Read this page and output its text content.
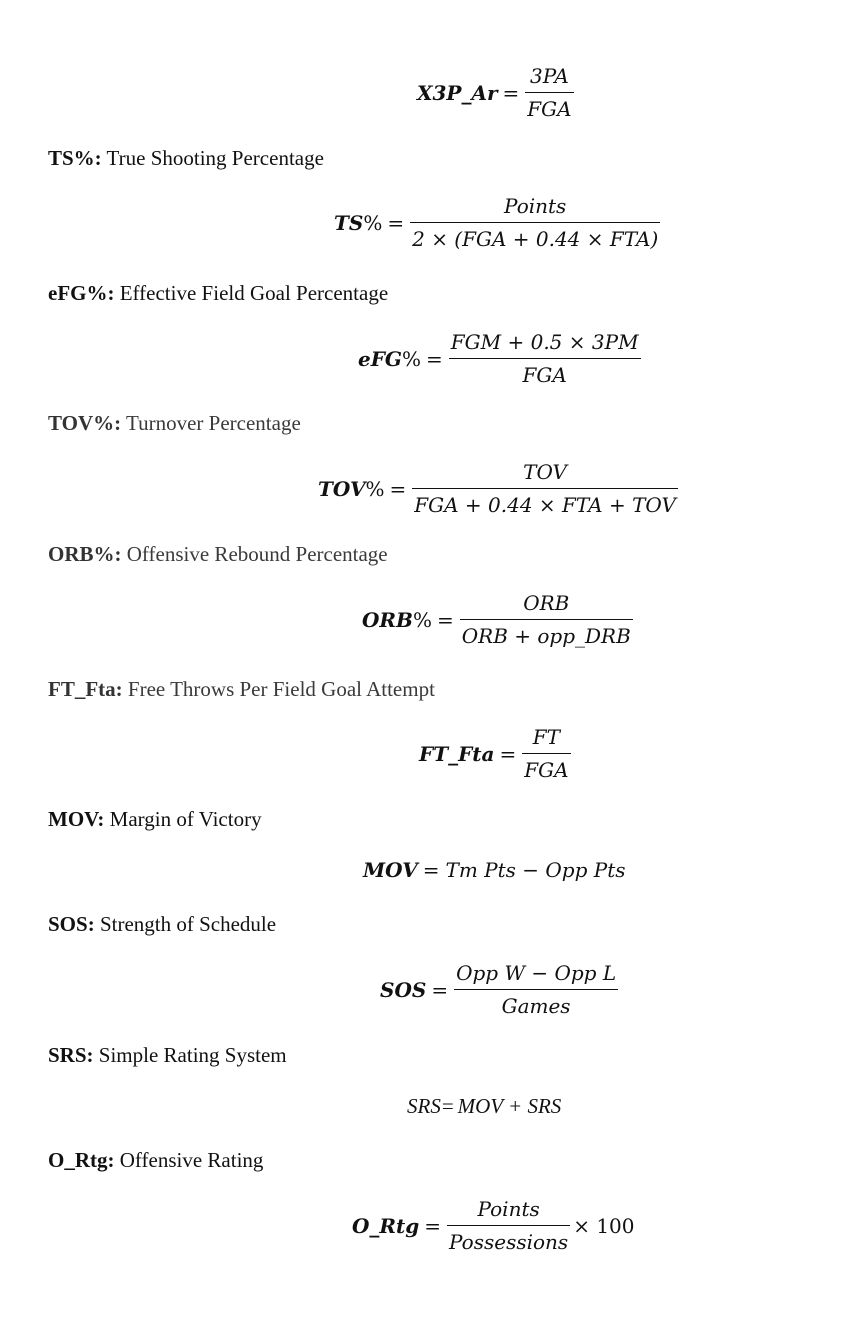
X3P_Ar = $\frac{3PA}{\text{FGA}}$
TS%: True Shooting Percentage
$TS\% = \frac{\text{Points}}{\text{2 × (FGA + 0.44 × FTA)}}$
eFG%: Effective Field Goal Percentage
$eFG\% = \frac{\text{FGM + 0.5 × 3PM}}{\text{FGA}}$
TOV%: Turnover Percentage
$TOV\% = \frac{\text{TOV}}{\text{FGA + 0.44 × FTA + TOV}}$
ORB%: Offensive Rebound Percentage
$ORB\% = \frac{\text{ORB}}{\text{ORB + opp\_DRB}}$
FT_Fta: Free Throws Per Field Goal Attempt
FT_Fta = $\frac{FT}{\text{FGA}}$
MOV: Margin of Victory
MOV = Tm Pts − Opp Pts
SOS: Strength of Schedule
SOS = $\frac{\text{Opp W − Opp L}}{\text{Games}}$
SRS: Simple Rating System
SRS = MOV + SRS
O_Rtg: Offensive Rating
O_Rtg = $\frac{\text{Points}}{\text{Possessions}} \times 100$
